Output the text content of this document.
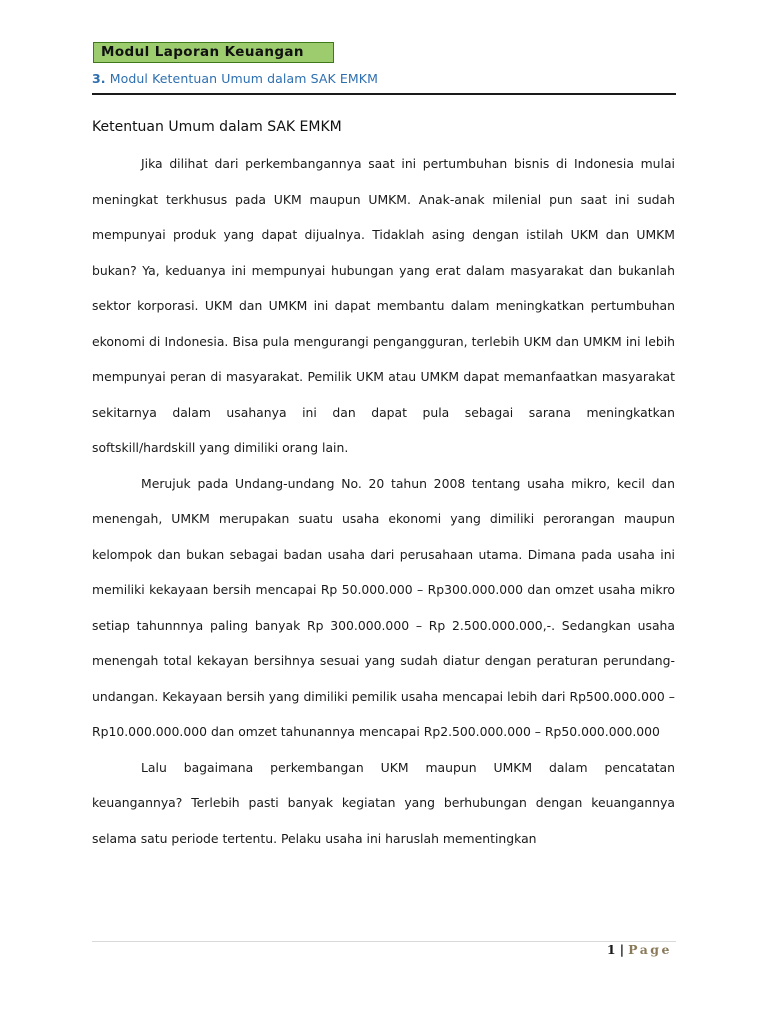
Modul Laporan Keuangan
3. Modul Ketentuan Umum dalam SAK EMKM
Ketentuan Umum dalam SAK EMKM

Jika dilihat dari perkembangannya saat ini pertumbuhan bisnis di Indonesia mulai meningkat terkhusus pada UKM maupun UMKM. Anak-anak milenial pun saat ini sudah mempunyai produk yang dapat dijualnya. Tidaklah asing dengan istilah UKM dan UMKM bukan? Ya, keduanya ini mempunyai hubungan yang erat dalam masyarakat dan bukanlah sektor korporasi. UKM dan UMKM ini dapat membantu dalam meningkatkan pertumbuhan ekonomi di Indonesia. Bisa pula mengurangi pengangguran, terlebih UKM dan UMKM ini lebih mempunyai peran di masyarakat. Pemilik UKM atau UMKM dapat memanfaatkan masyarakat sekitarnya dalam usahanya ini dan dapat pula sebagai sarana meningkatkan softskill/hardskill yang dimiliki orang lain.

Merujuk pada Undang-undang No. 20 tahun 2008 tentang usaha mikro, kecil dan menengah, UMKM merupakan suatu usaha ekonomi yang dimiliki perorangan maupun kelompok dan bukan sebagai badan usaha dari perusahaan utama. Dimana pada usaha ini memiliki kekayaan bersih mencapai Rp 50.000.000 – Rp300.000.000 dan omzet usaha mikro setiap tahunnnya paling banyak Rp 300.000.000 – Rp 2.500.000.000,-. Sedangkan usaha menengah total kekayan bersihnya sesuai yang sudah diatur dengan peraturan perundang-undangan. Kekayaan bersih yang dimiliki pemilik usaha mencapai lebih dari Rp500.000.000 – Rp10.000.000.000 dan omzet tahunannya mencapai Rp2.500.000.000 – Rp50.000.000.000

Lalu bagaimana perkembangan UKM maupun UMKM dalam pencatatan keuangannya? Terlebih pasti banyak kegiatan yang berhubungan dengan keuangannya selama satu periode tertentu. Pelaku usaha ini haruslah mementingkan

1 | Page
